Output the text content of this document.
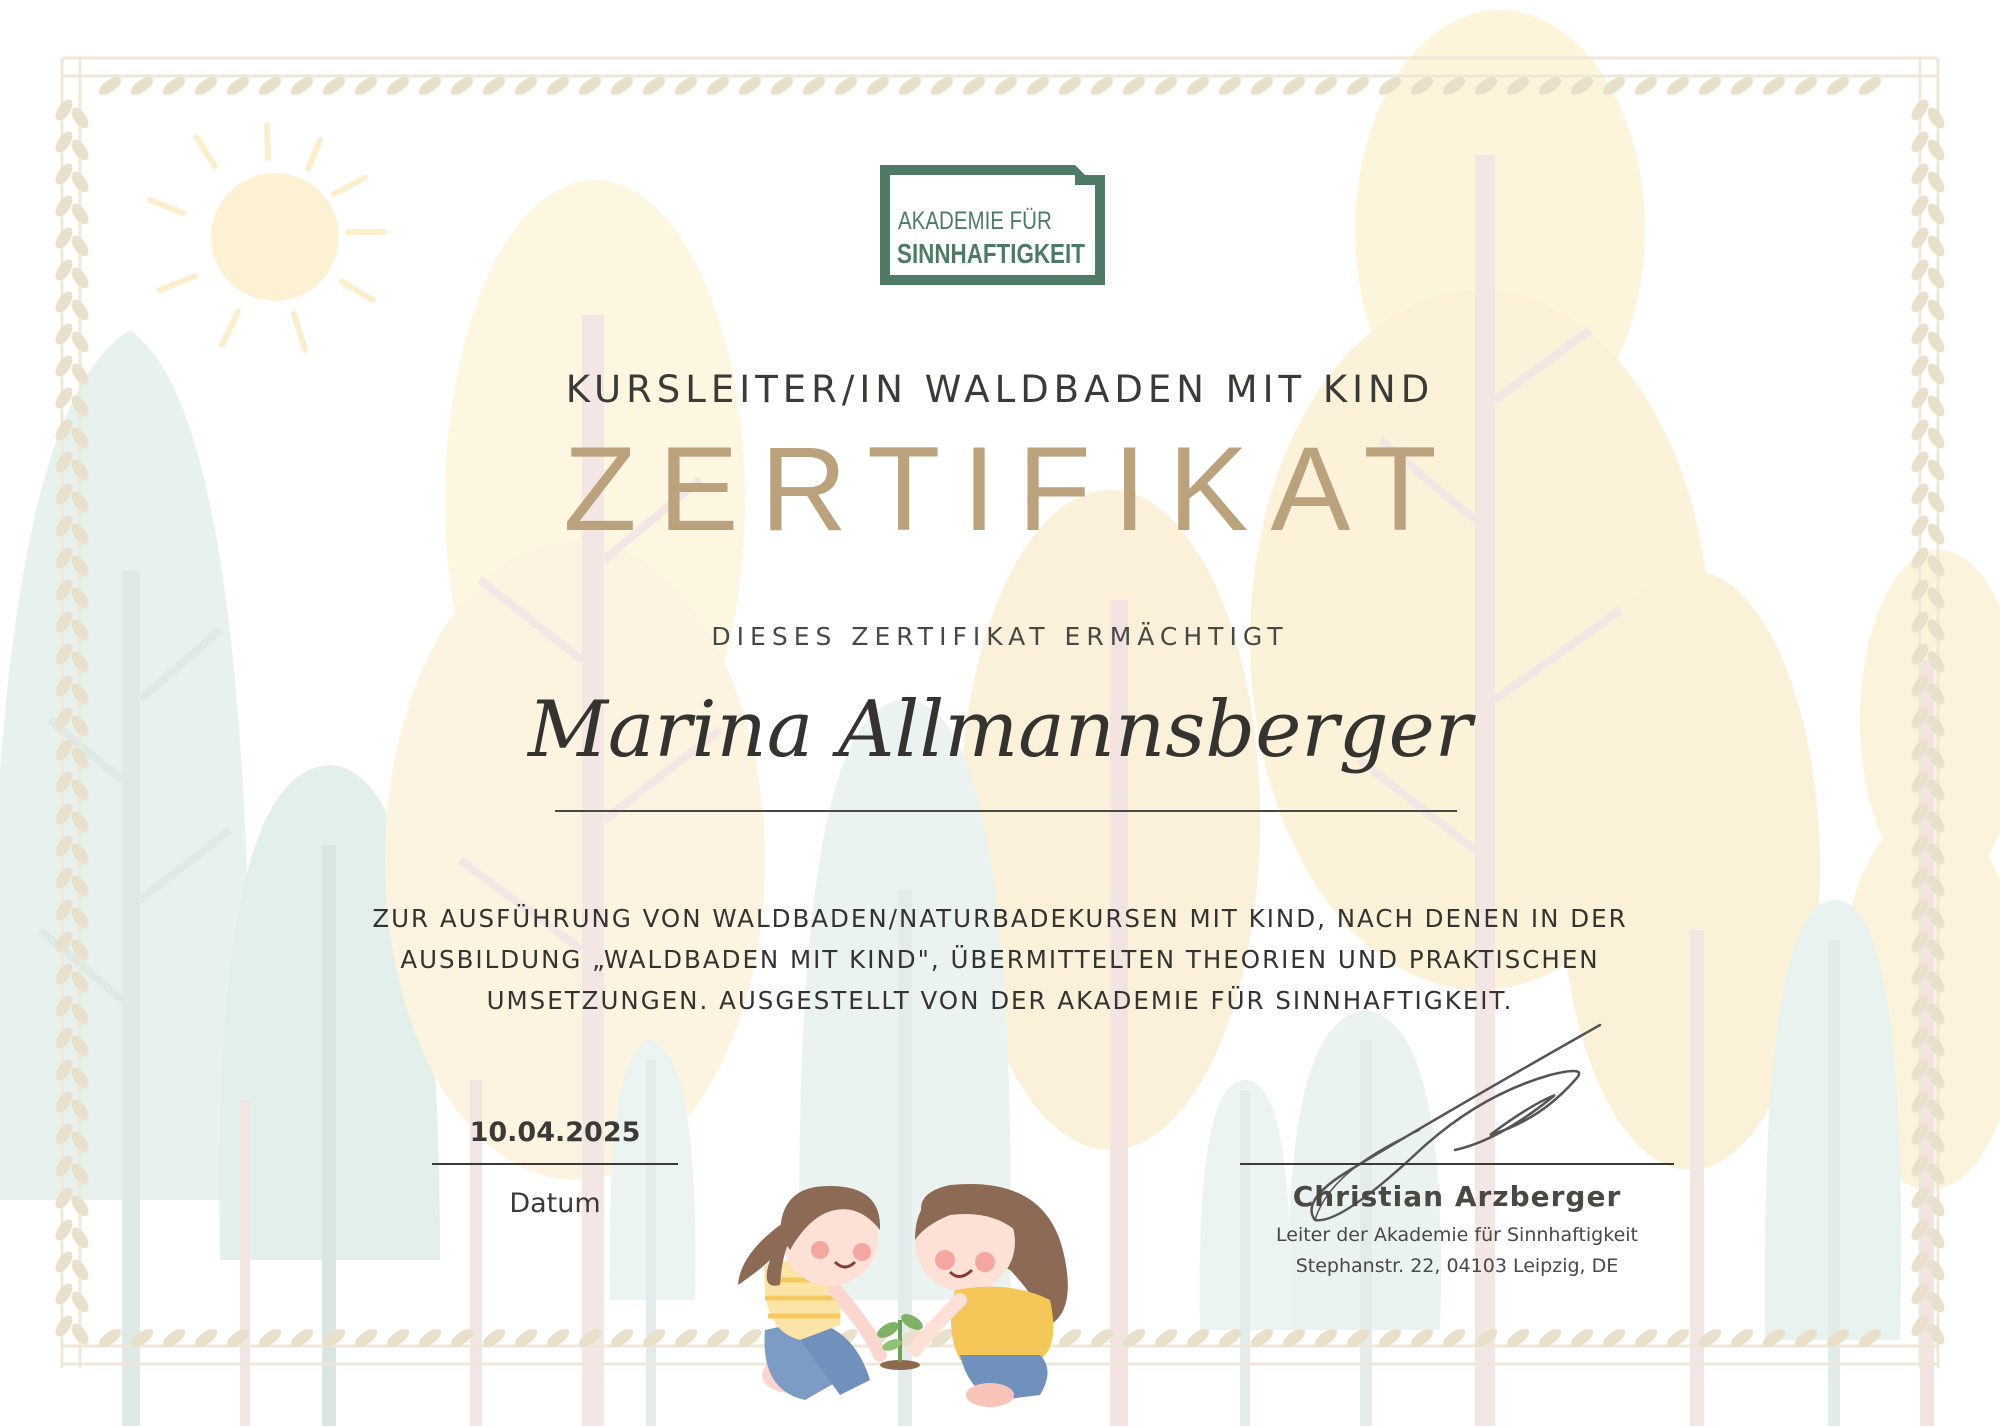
AKADEMIE FÜR
SINNHAFTIGKEIT
KURSLEITER/IN WALDBADEN MIT KIND
ZERTIFIKAT
DIESES ZERTIFIKAT ERMÄCHTIGT
Marina Allmannsberger
ZUR AUSFÜHRUNG VON WALDBADEN/NATURBADEKURSEN MIT KIND, NACH DENEN IN DER
AUSBILDUNG „WALDBADEN MIT KIND", ÜBERMITTELTEN THEORIEN UND PRAKTISCHEN
UMSETZUNGEN. AUSGESTELLT VON DER AKADEMIE FÜR SINNHAFTIGKEIT.
10.04.2025
Datum	Christian Arzberger
Leiter der Akademie für Sinnhaftigkeit
Stephanstr. 22, 04103 Leipzig, DE
